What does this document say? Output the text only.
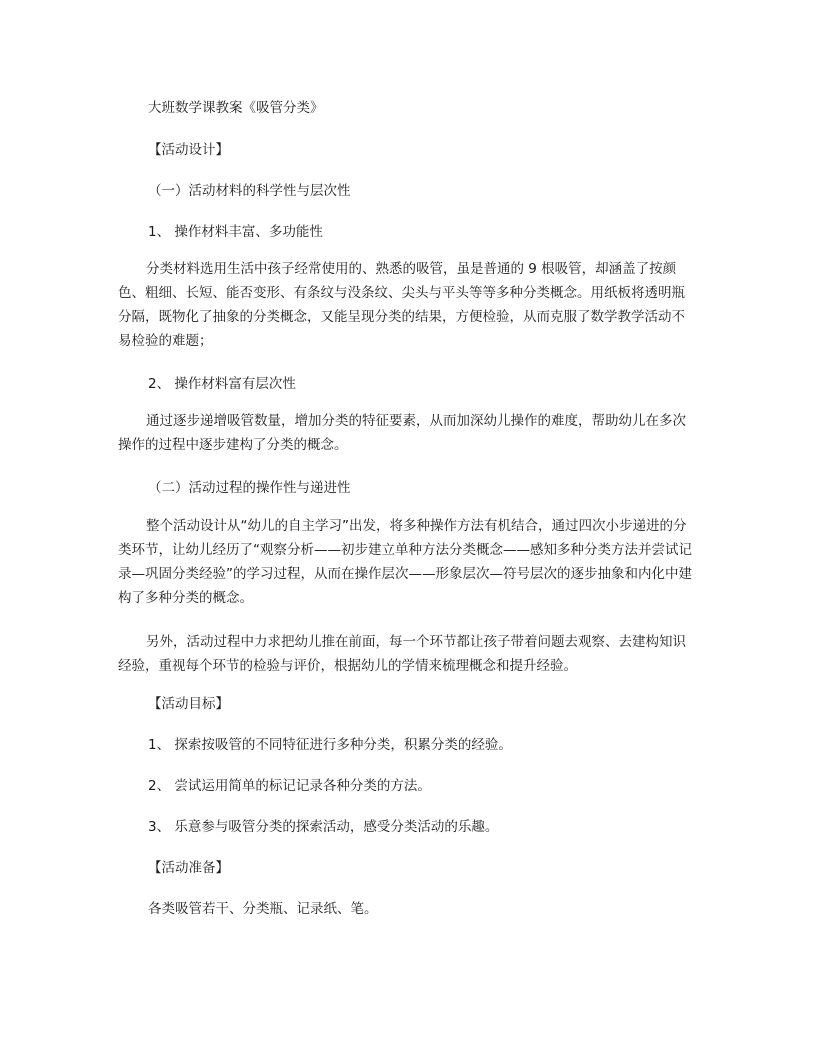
大班数学课教案《吸管分类》
【活动设计】
（一）活动材料的科学性与层次性
1、 操作材料丰富、多功能性
分类材料选用生活中孩子经常使用的、熟悉的吸管，虽是普通的 9 根吸管，却涵盖了按颜色、粗细、长短、能否变形、有条纹与没条纹、尖头与平头等等多种分类概念。用纸板将透明瓶分隔，既物化了抽象的分类概念，又能呈现分类的结果，方便检验，从而克服了数学教学活动不易检验的难题；
2、 操作材料富有层次性
通过逐步递增吸管数量，增加分类的特征要素，从而加深幼儿操作的难度，帮助幼儿在多次操作的过程中逐步建构了分类的概念。
（二）活动过程的操作性与递进性
整个活动设计从“幼儿的自主学习”出发，将多种操作方法有机结合，通过四次小步递进的分类环节，让幼儿经历了“观察分析——初步建立单种方法分类概念——感知多种分类方法并尝试记录—巩固分类经验”的学习过程，从而在操作层次——形象层次—符号层次的逐步抽象和内化中建构了多种分类的概念。
另外，活动过程中力求把幼儿推在前面，每一个环节都让孩子带着问题去观察、去建构知识经验，重视每个环节的检验与评价，根据幼儿的学情来梳理概念和提升经验。
【活动目标】
1、 探索按吸管的不同特征进行多种分类，积累分类的经验。
2、 尝试运用简单的标记记录各种分类的方法。
3、 乐意参与吸管分类的探索活动，感受分类活动的乐趣。
【活动准备】
各类吸管若干、分类瓶、记录纸、笔。
